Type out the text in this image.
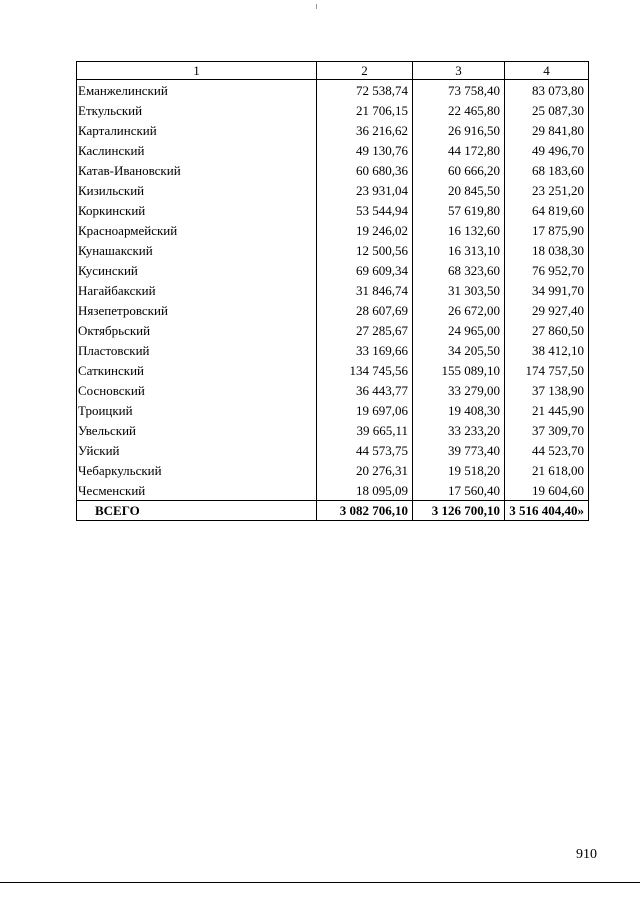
1	2	3	4
Еманжелинский	72 538,74	73 758,40	83 073,80
Еткульский	21 706,15	22 465,80	25 087,30
Карталинский	36 216,62	26 916,50	29 841,80
Каслинский	49 130,76	44 172,80	49 496,70
Катав-Ивановский	60 680,36	60 666,20	68 183,60
Кизильский	23 931,04	20 845,50	23 251,20
Коркинский	53 544,94	57 619,80	64 819,60
Красноармейский	19 246,02	16 132,60	17 875,90
Кунашакский	12 500,56	16 313,10	18 038,30
Кусинский	69 609,34	68 323,60	76 952,70
Нагайбакский	31 846,74	31 303,50	34 991,70
Нязепетровский	28 607,69	26 672,00	29 927,40
Октябрьский	27 285,67	24 965,00	27 860,50
Пластовский	33 169,66	34 205,50	38 412,10
Саткинский	134 745,56	155 089,10	174 757,50
Сосновский	36 443,77	33 279,00	37 138,90
Троицкий	19 697,06	19 408,30	21 445,90
Увельский	39 665,11	33 233,20	37 309,70
Уйский	44 573,75	39 773,40	44 523,70
Чебаркульский	20 276,31	19 518,20	21 618,00
Чесменский	18 095,09	17 560,40	19 604,60
ВСЕГО	3 082 706,10	3 126 700,10	3 516 404,40»
910
